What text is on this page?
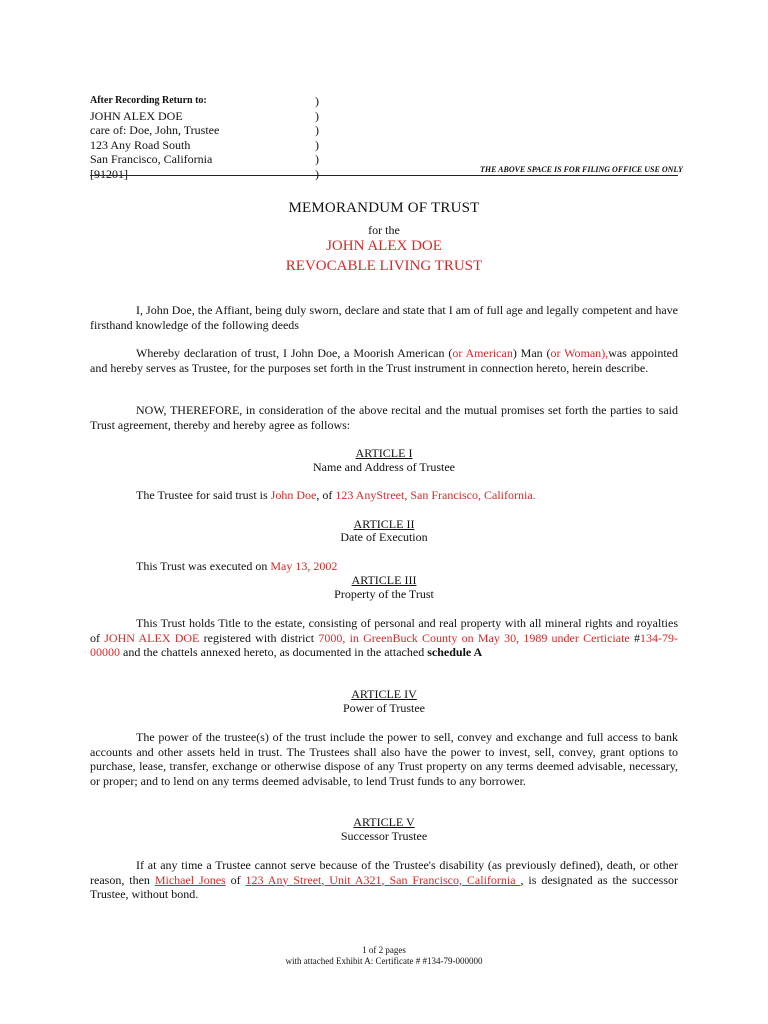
After Recording Return to:	)
JOHN ALEX DOE	)
care of: Doe, John, Trustee	)
123 Any Road South	)
San Francisco, California	)
[91201]	)	THE ABOVE SPACE IS FOR FILING OFFICE USE ONLY
MEMORANDUM OF TRUST
for the
JOHN ALEX DOE
REVOCABLE LIVING TRUST
I, John Doe, the Affiant, being duly sworn, declare and state that I am of full age and legally competent and have firsthand knowledge of the following deeds
Whereby declaration of trust, I John Doe, a Moorish American (or American) Man (or Woman),was appointed and hereby serves as Trustee, for the purposes set forth in the Trust instrument in connection hereto, herein describe.
NOW, THEREFORE, in consideration of the above recital and the mutual promises set forth the parties to said Trust agreement, thereby and hereby agree as follows:
ARTICLE I
Name and Address of Trustee
The Trustee for said trust is John Doe, of 123 AnyStreet, San Francisco, California.
ARTICLE II
Date of Execution
This Trust was executed on May 13, 2002
ARTICLE III
Property of the Trust
This Trust holds Title to the estate, consisting of personal and real property with all mineral rights and royalties of JOHN ALEX DOE registered with district 7000, in GreenBuck County on May 30, 1989 under Certiciate #134-79-00000 and the chattels annexed hereto, as documented in the attached schedule A
ARTICLE IV
Power of Trustee
The power of the trustee(s) of the trust include the power to sell, convey and exchange and full access to bank accounts and other assets held in trust. The Trustees shall also have the power to invest, sell, convey, grant options to purchase, lease, transfer, exchange or otherwise dispose of any Trust property on any terms deemed advisable, necessary, or proper; and to lend on any terms deemed advisable, to lend Trust funds to any borrower.
ARTICLE V
Successor Trustee
If at any time a Trustee cannot serve because of the Trustee's disability (as previously defined), death, or other reason, then Michael Jones of 123 Any Street, Unit A321, San Francisco, California , is designated as the successor Trustee, without bond.
1 of 2 pages
with attached Exhibit A: Certificate # #134-79-000000
